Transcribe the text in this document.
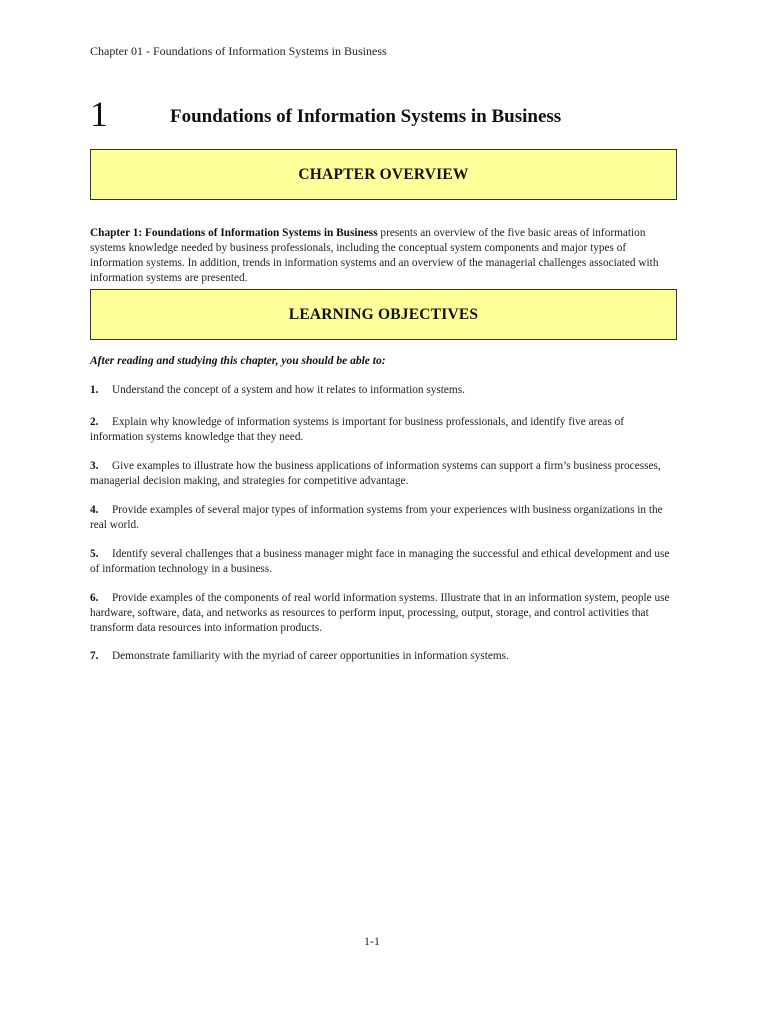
Chapter 01 - Foundations of Information Systems in Business
1	Foundations of Information Systems in Business
CHAPTER OVERVIEW

Chapter 1: Foundations of Information Systems in Business presents an overview of the five basic areas of information systems knowledge needed by business professionals, including the conceptual system components and major types of information systems. In addition, trends in information systems and an overview of the managerial challenges associated with information systems are presented.

LEARNING OBJECTIVES
After reading and studying this chapter, you should be able to:
1. Understand the concept of a system and how it relates to information systems.
2. Explain why knowledge of information systems is important for business professionals, and identify five areas of information systems knowledge that they need.
3. Give examples to illustrate how the business applications of information systems can support a firm’s business processes, managerial decision making, and strategies for competitive advantage.
4. Provide examples of several major types of information systems from your experiences with business organizations in the real world.
5. Identify several challenges that a business manager might face in managing the successful and ethical development and use of information technology in a business.
6. Provide examples of the components of real world information systems. Illustrate that in an information system, people use hardware, software, data, and networks as resources to perform input, processing, output, storage, and control activities that transform data resources into information products.
7. Demonstrate familiarity with the myriad of career opportunities in information systems.
1-1
